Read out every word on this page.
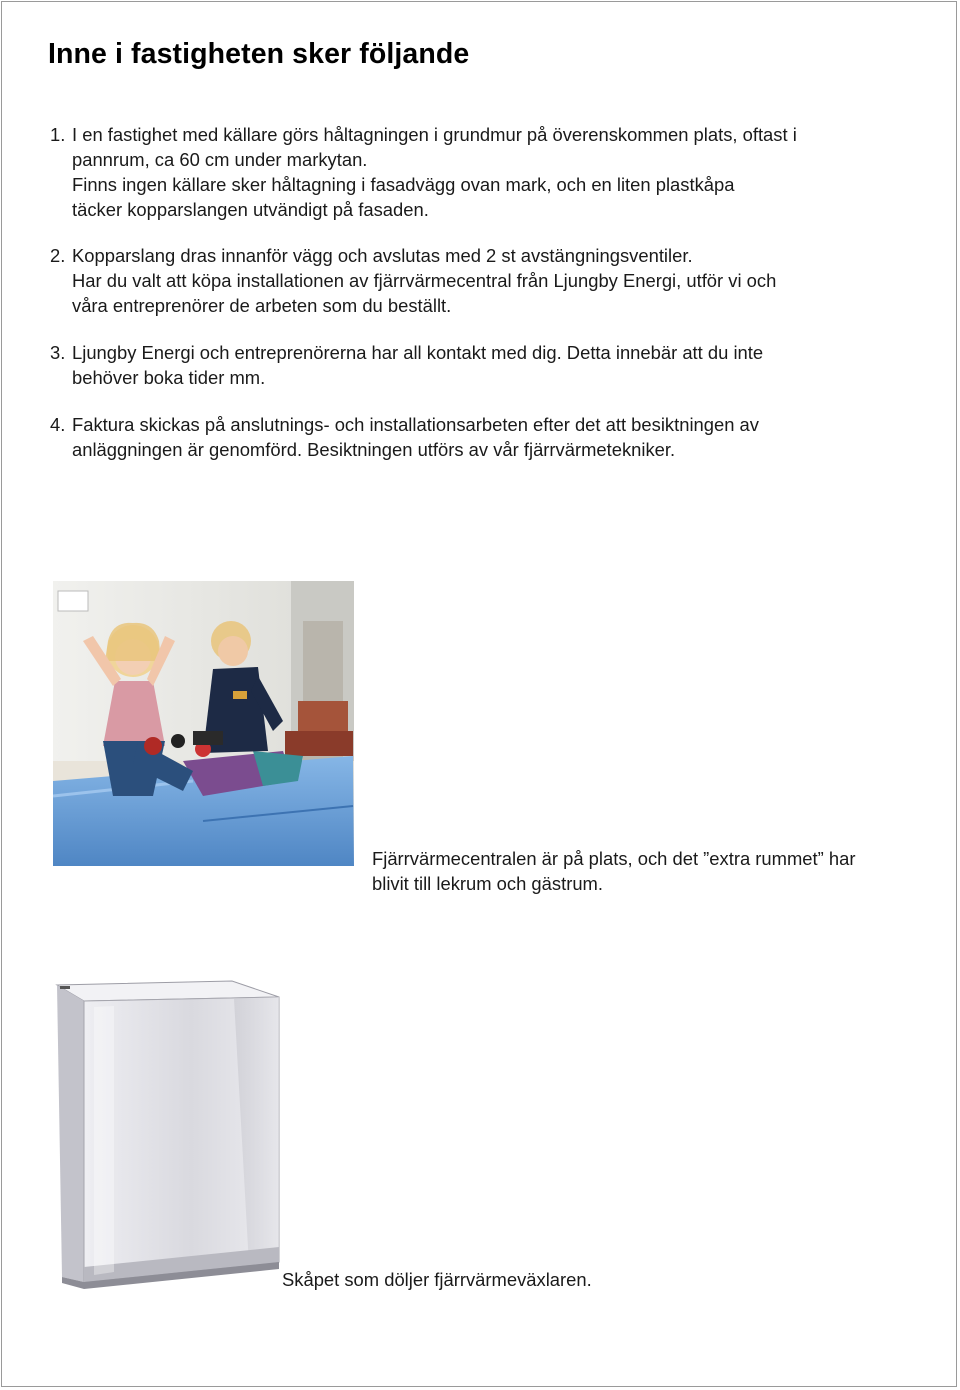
Inne i fastigheten sker följande
1. I en fastighet med källare görs håltagningen i grundmur på överenskommen plats, oftast i
pannrum, ca 60 cm under markytan.
Finns ingen källare sker håltagning i fasadvägg ovan mark, och en liten plastkåpa
täcker kopparslangen utvändigt på fasaden.
2. Kopparslang dras innanför vägg och avslutas med 2 st avstängningsventiler.
Har du valt att köpa installationen av fjärrvärmecentral från Ljungby Energi, utför vi och
våra entreprenörer de arbeten som du beställt.
3. Ljungby Energi och entreprenörerna har all kontakt med dig. Detta innebär att du inte
behöver boka tider mm.
4. Faktura skickas på anslutnings- och installationsarbeten efter det att besiktningen av
anläggningen är genomförd. Besiktningen utförs av vår fjärrvärmetekniker.
Fjärrvärmecentralen är på plats, och det ”extra rummet” har
blivit till lekrum och gästrum.
Skåpet som döljer fjärrvärmeväxlaren.
